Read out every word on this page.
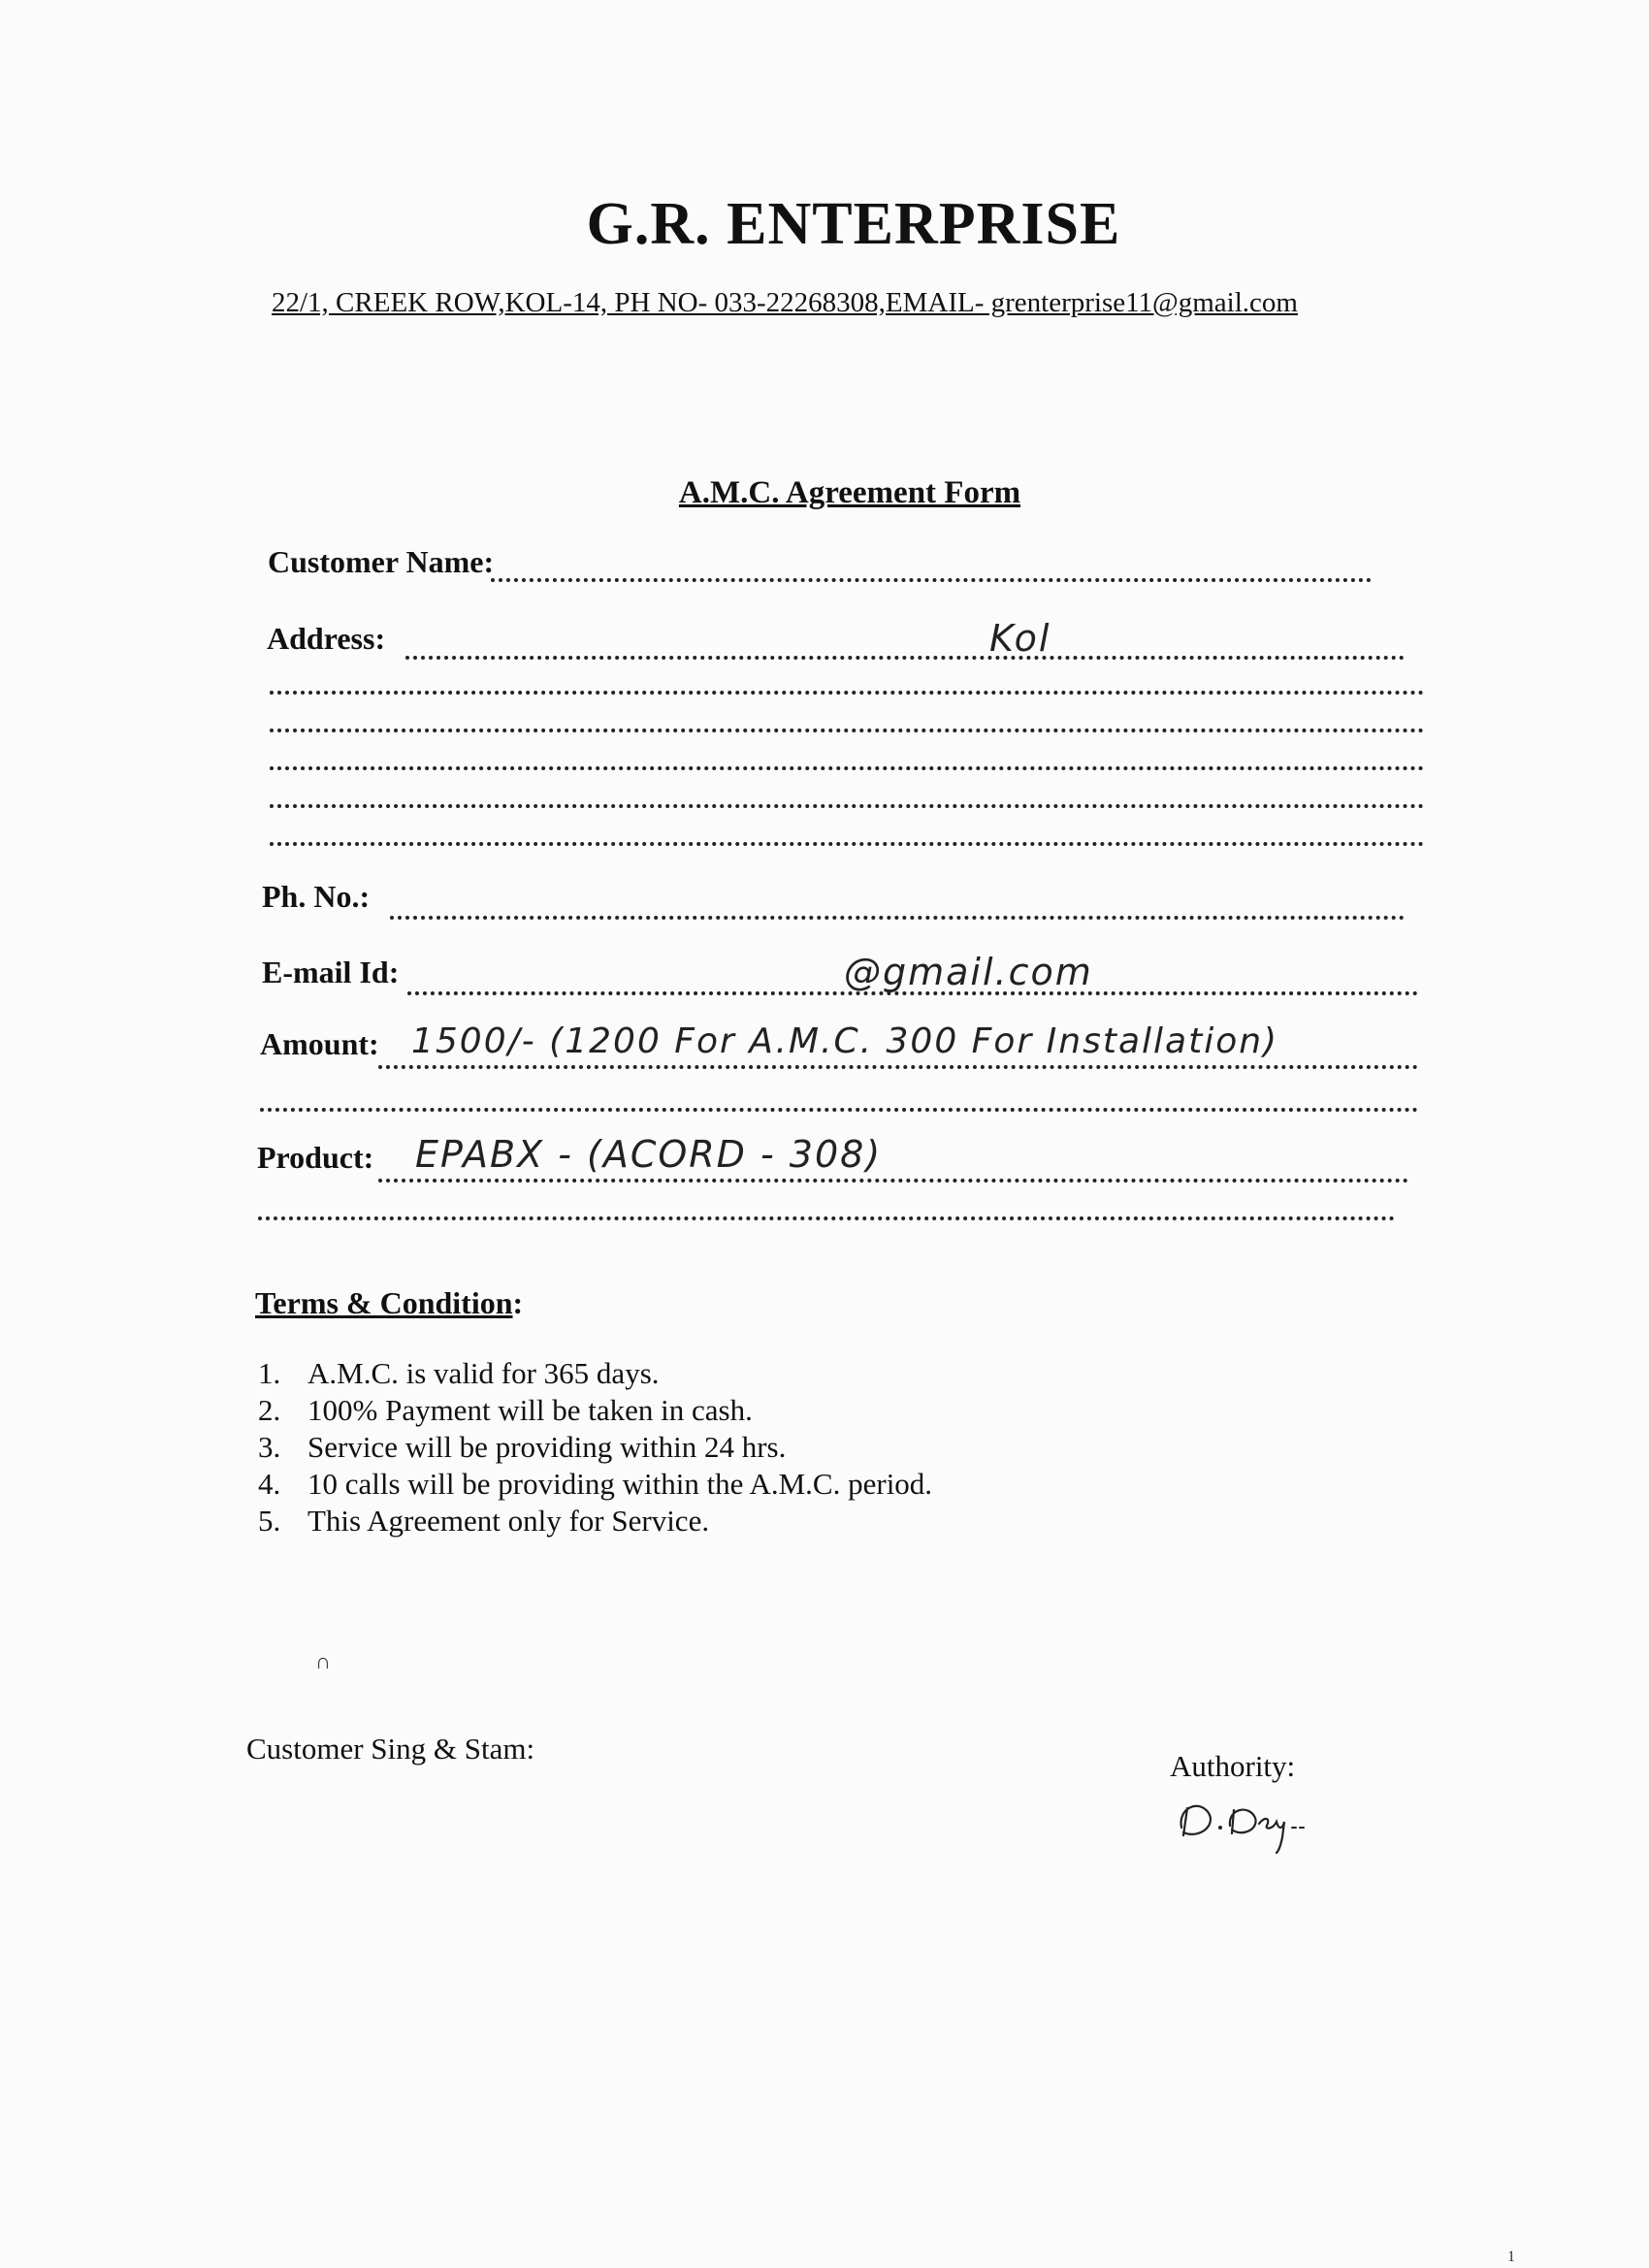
G.R. ENTERPRISE
22/1, CREEK ROW,KOL-14, PH NO- 033-22268308,EMAIL- grenterprise11@gmail.com
A.M.C. Agreement Form
Customer Name:
Address:	Kol
Ph. No.:
E-mail Id:	@gmail.com
Amount: 1500/- (1200 For A.M.C. 300 For Installation)
Product: EPABX - (ACORD - 308)
Terms & Condition:
1. A.M.C. is valid for 365 days.
2. 100% Payment will be taken in cash.
3. Service will be providing within 24 hrs.
4. 10 calls will be providing within the A.M.C. period.
5. This Agreement only for Service.
∩
Customer Sing & Stam:
Authority:
1
